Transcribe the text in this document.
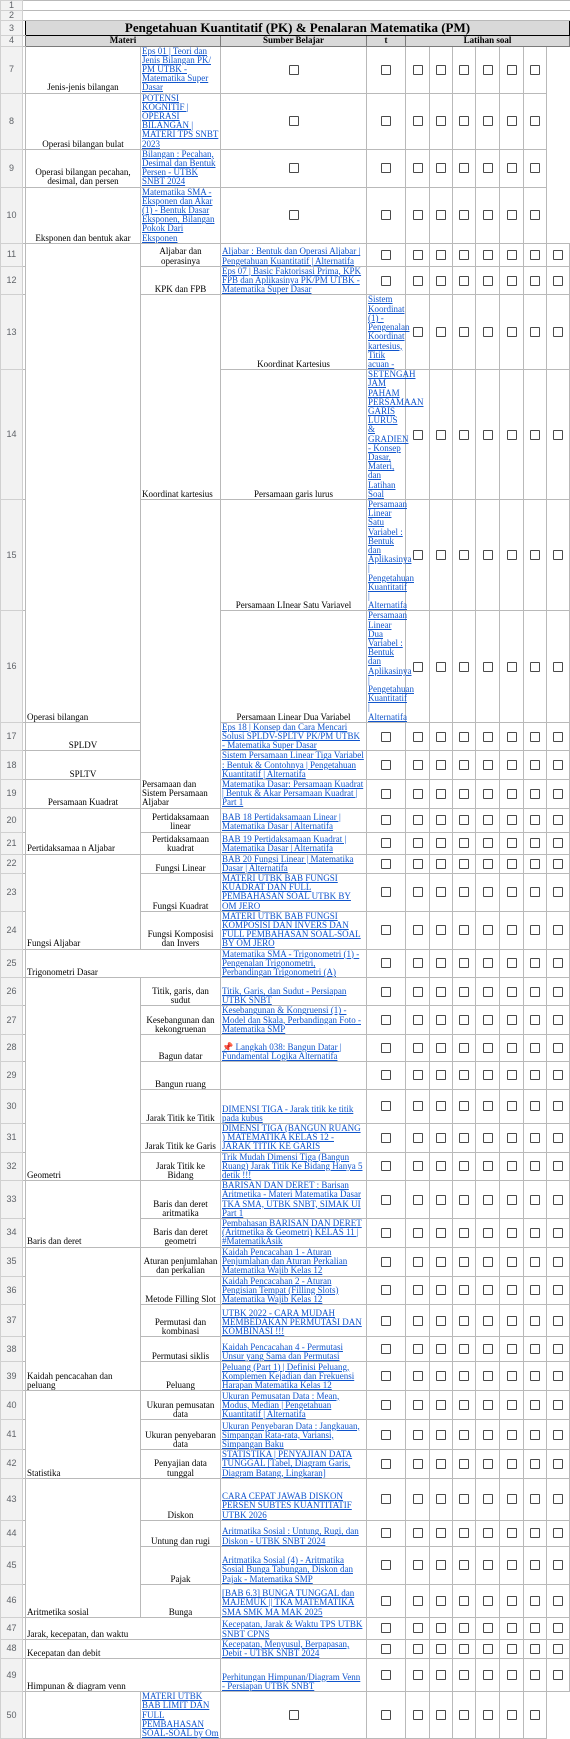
1													
2													
3		Pengetahuan Kuantitatif (PK) & Penalaran Matematika (PM)											
4		Materi		Sumber Belajar	t	Latihan soal							
7		Jenis-jenis bilangan	Eps 01 | Teori dan Jenis Bilangan PK/ PM UTBK - Matematika Super Dasar										
8		Operasi bilangan bulat	POTENSI KOGNITIF | OPERASI BILANGAN | MATERI TPS SNBT 2023										
9		Operasi bilangan pecahan, desimal, dan persen	Bilangan : Pecahan, Desimal dan Bentuk Persen - UTBK SNBT 2024										
10		Eksponen dan bentuk akar	Matematika SMA - Eksponen dan Akar (1) - Bentuk Dasar Eksponen, Bilangan Pokok Dari Eksponen										
11		Operasi bilangan	Aljabar dan operasinya	Aljabar : Bentuk dan Operasi Aljabar | Pengetahuan Kuantitatif | Alternatifa									
12			KPK dan FPB	Eps 07 | Basic Faktorisasi Prima, KPK FPB dan Aplikasinya PK/PM UTBK - Matematika Super Dasar									
13			Koordinat kartesius	Koordinat Kartesius	Sistem Koordinat (1) - Pengenalan Koordinat kartesius, Titik acuan -								
14				Persamaan garis lurus	SETENGAH JAM PAHAM PERSAMAAN GARIS LURUS & GRADIEN - Konsep Dasar, Materi, dan Latihan Soal								
15			Persamaan dan Sistem Persamaan Aljabar	Persamaan LInear Satu Variavel	Persamaan Linear Satu Variabel : Bentuk dan Aplikasinya | Pengetahuan Kuantitatif | Alternatifa								
16				Persamaan Linear Dua Variabel	Persamaan Linear Dua Variabel : Bentuk dan Aplikasinya | Pengetahuan Kuantitatif | Alternatifa								
17		SPLDV		Eps 18 | Konsep dan Cara Mencari Solusi SPLDV-SPLTV PK/PM UTBK - Matematika Super Dasar									
18		SPLTV		Sistem Persamaan Linear Tiga Variabel : Bentuk & Contohnya | Pengetahuan Kuantitatif | Alternatifa									
19		Persamaan Kuadrat		Matematika Dasar: Persamaan Kuadrat | Bentuk & Akar Persamaan Kuadrat | Part 1									
20		Pertidaksamaa n Aljabar	Pertidaksamaan linear	BAB 18 Pertidaksamaan Linear | Matematika Dasar | Alternatifa									
21			Pertidaksamaan kuadrat	BAB 19 Pertidaksamaan Kuadrat | Matematika Dasar | Alternatifa									
22		Fungsi Aljabar	Fungsi Linear	BAB 20 Fungsi Linear | Matematika Dasar | Alternatifa									
23			Fungsi Kuadrat	MATERI UTBK BAB FUNGSI KUADRAT DAN FULL PEMBAHASAN SOAL UTBK BY OM JERO									
24			Fungsi Komposisi dan Invers	MATERI UTBK BAB FUNGSI KOMPOSISI DAN INVERS DAN FULL PEMBAHASAN SOAL-SOAL BY OM JERO									
25		Trigonometri Dasar		Matematika SMA - Trigonometri (1) - Pengenalan Trigonometri, Perbandingan Trigonometri (A)									
26		Geometri	Titik, garis, dan sudut	Titik, Garis, dan Sudut - Persiapan UTBK SNBT									
27			Kesebangunan dan kekongruenan	Kesebangunan & Kongruensi (1) - Model dan Skala, Perbandingan Foto - Matematika SMP									
28			Bagun datar	📌 Langkah 038: Bangun Datar | Fundamental Logika Alternatifa									
29			Bangun ruang										
30			Jarak Titik ke Titik	DIMENSI TIGA - Jarak titik ke titik pada kubus									
31			Jarak Titik ke Garis	DIMENSI TIGA (BANGUN RUANG ) MATEMATIKA KELAS 12 - JARAK TITIK KE GARIS									
32			Jarak Titik ke Bidang	Trik Mudah Dimensi Tiga (Bangun Ruang) Jarak Titik Ke Bidang Hanya 5 detik !!!									
33		Baris dan deret	Baris dan deret aritmatika	BARISAN DAN DERET : Barisan Aritmetika - Materi Matematika Dasar TKA SMA, UTBK SNBT, SIMAK UI Part 1									
34			Baris dan deret geometri	Pembahasan BARISAN DAN DERET (Aritmetika & Geometri) KELAS 11 | #MatematikAsik									
35		Kaidah pencacahan dan peluang	Aturan penjumlahan dan perkalian	Kaidah Pencacahan 1 - Aturan Penjumlahan dan Aturan Perkalian Matematika Wajib Kelas 12									
36			Metode Filling Slot	Kaidah Pencacahan 2 - Aturan Pengisian Tempat (Filling Slots) Matematika Wajib Kelas 12									
37			Permutasi dan kombinasi	UTBK 2022 - CARA MUDAH MEMBEDAKAN PERMUTASI DAN KOMBINASI !!!									
38			Permutasi siklis	Kaidah Pencacahan 4 - Permutasi Unsur yang Sama dan Permutasi									
39			Peluang	Peluang (Part 1) | Definisi Peluang, Komplemen Kejadian dan Frekuensi Harapan Matematika Kelas 12									
40		Statistika	Ukuran pemusatan data	Ukuran Pemusatan Data : Mean, Modus, Median | Pengetahuan Kuantitatif | Alternatifa									
41			Ukuran penyebaran data	Ukuran Penyebaran Data : Jangkauan, Simpangan Rata-rata, Variansi, Simpangan Baku									
42			Penyajian data tunggal	STATISTIKA | PENYAJIAN DATA TUNGGAL [Tabel, Diagram Garis, Diagram Batang, Lingkaran]									
43		Aritmetika sosial	Diskon	CARA CEPAT JAWAB DISKON PERSEN SUBTES KUANTITATIF UTBK 2026									
44			Untung dan rugi	Aritmatika Sosial : Untung, Rugi, dan Diskon - UTBK SNBT 2024									
45			Pajak	Aritmatika Sosial (4) - Aritmatika Sosial Bunga Tabungan, Diskon dan Pajak - Matematika SMP									
46			Bunga	[BAB 6.3] BUNGA TUNGGAL dan MAJEMUK || TKA MATEMATIKA SMA SMK MA MAK 2025									
47		Jarak, kecepatan, dan waktu		Kecepatan, Jarak & Waktu TPS UTBK SNBT CPNS									
48		Kecepatan dan debit		Kecepatan, Menyusul, Berpapasan, Debit - UTBK SNBT 2024									
49		Himpunan & diagram venn		Perhitungan Himpunan/Diagram Venn - Persiapan UTBK SNBT									
50			MATERI UTBK BAB LIMIT DAN FULL PEMBAHASAN SOAL-SOAL by Om										
